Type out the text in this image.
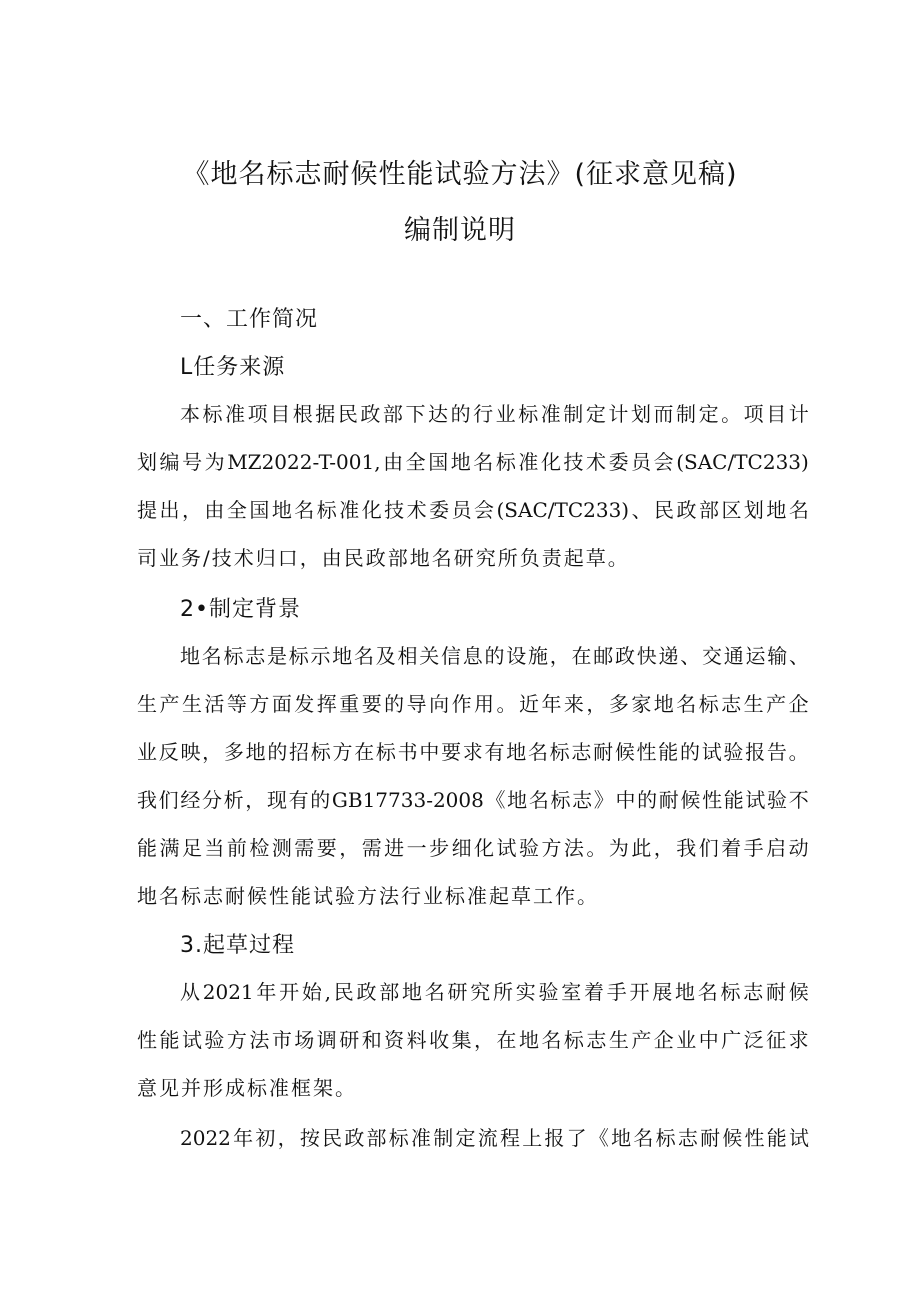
《地名标志耐候性能试验方法》(征求意见稿)
编制说明
一、工作简况
L任务来源
本 标 准 项 目 根 据 民 政 部 下 达 的 行 业 标 准 制 定 计 划 而 制 定 。 项 目 计
划 编 号 为 MZ2022-T-001, 由 全 国 地 名 标 准 化 技 术 委 员 会 (SAC/TC233)
提 出 ， 由 全 国 地 名 标 准 化 技 术 委 员 会 (SAC/TC233) 、 民 政 部 区 划 地 名
司业务/技术归口，由民政部地名研究所负责起草。
2•制定背景
地 名 标 志 是 标 示 地 名 及 相 关 信 息 的 设 施 ， 在 邮 政 快 递 、 交 通 运 输 、
生 产 生 活 等 方 面 发 挥 重 要 的 导 向 作 用 。 近 年 来 ， 多 家 地 名 标 志 生 产 企
业 反 映 ， 多 地 的 招 标 方 在 标 书 中 要 求 有 地 名 标 志 耐 候 性 能 的 试 验 报 告 。
我 们 经 分 析 ， 现 有 的 GB17733-2008 《 地 名 标 志 》 中 的 耐 候 性 能 试 验 不
能 满 足 当 前 检 测 需 要 ， 需 进 一 步 细 化 试 验 方 法 。 为 此 ， 我 们 着 手 启 动
地名标志耐候性能试验方法行业标准起草工作。
3.起草过程
从 2021 年 开 始 , 民 政 部 地 名 研 究 所 实 验 室 着 手 开 展 地 名 标 志 耐 候
性 能 试 验 方 法 市 场 调 研 和 资 料 收 集 ， 在 地 名 标 志 生 产 企 业 中 广 泛 征 求
意见并形成标准框架。
2022 年 初 ， 按 民 政 部 标 准 制 定 流 程 上 报 了 《 地 名 标 志 耐 候 性 能 试
